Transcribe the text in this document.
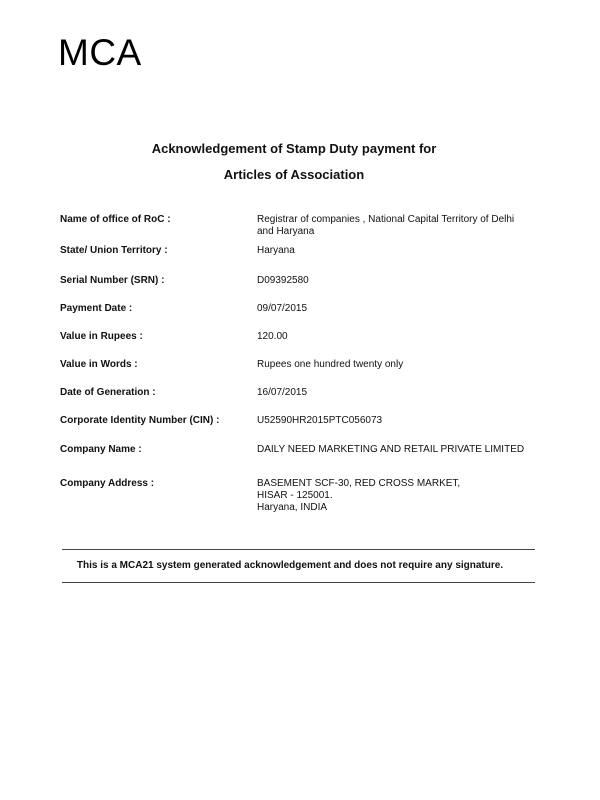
MCA
Acknowledgement of Stamp Duty payment for
Articles of Association
Name of office of RoC :	Registrar of companies , National Capital Territory of Delhi
and Haryana
State/ Union Territory :	Haryana
Serial Number (SRN) :	D09392580
Payment Date :	09/07/2015
Value in Rupees :	120.00
Value in Words :	Rupees one hundred twenty only
Date of Generation :	16/07/2015
Corporate Identity Number (CIN) :	U52590HR2015PTC056073
Company Name :	DAILY NEED MARKETING AND RETAIL PRIVATE LIMITED
Company Address :	BASEMENT SCF-30, RED CROSS MARKET,
HISAR - 125001.
Haryana, INDIA
This is a MCA21 system generated acknowledgement and does not require any signature.
